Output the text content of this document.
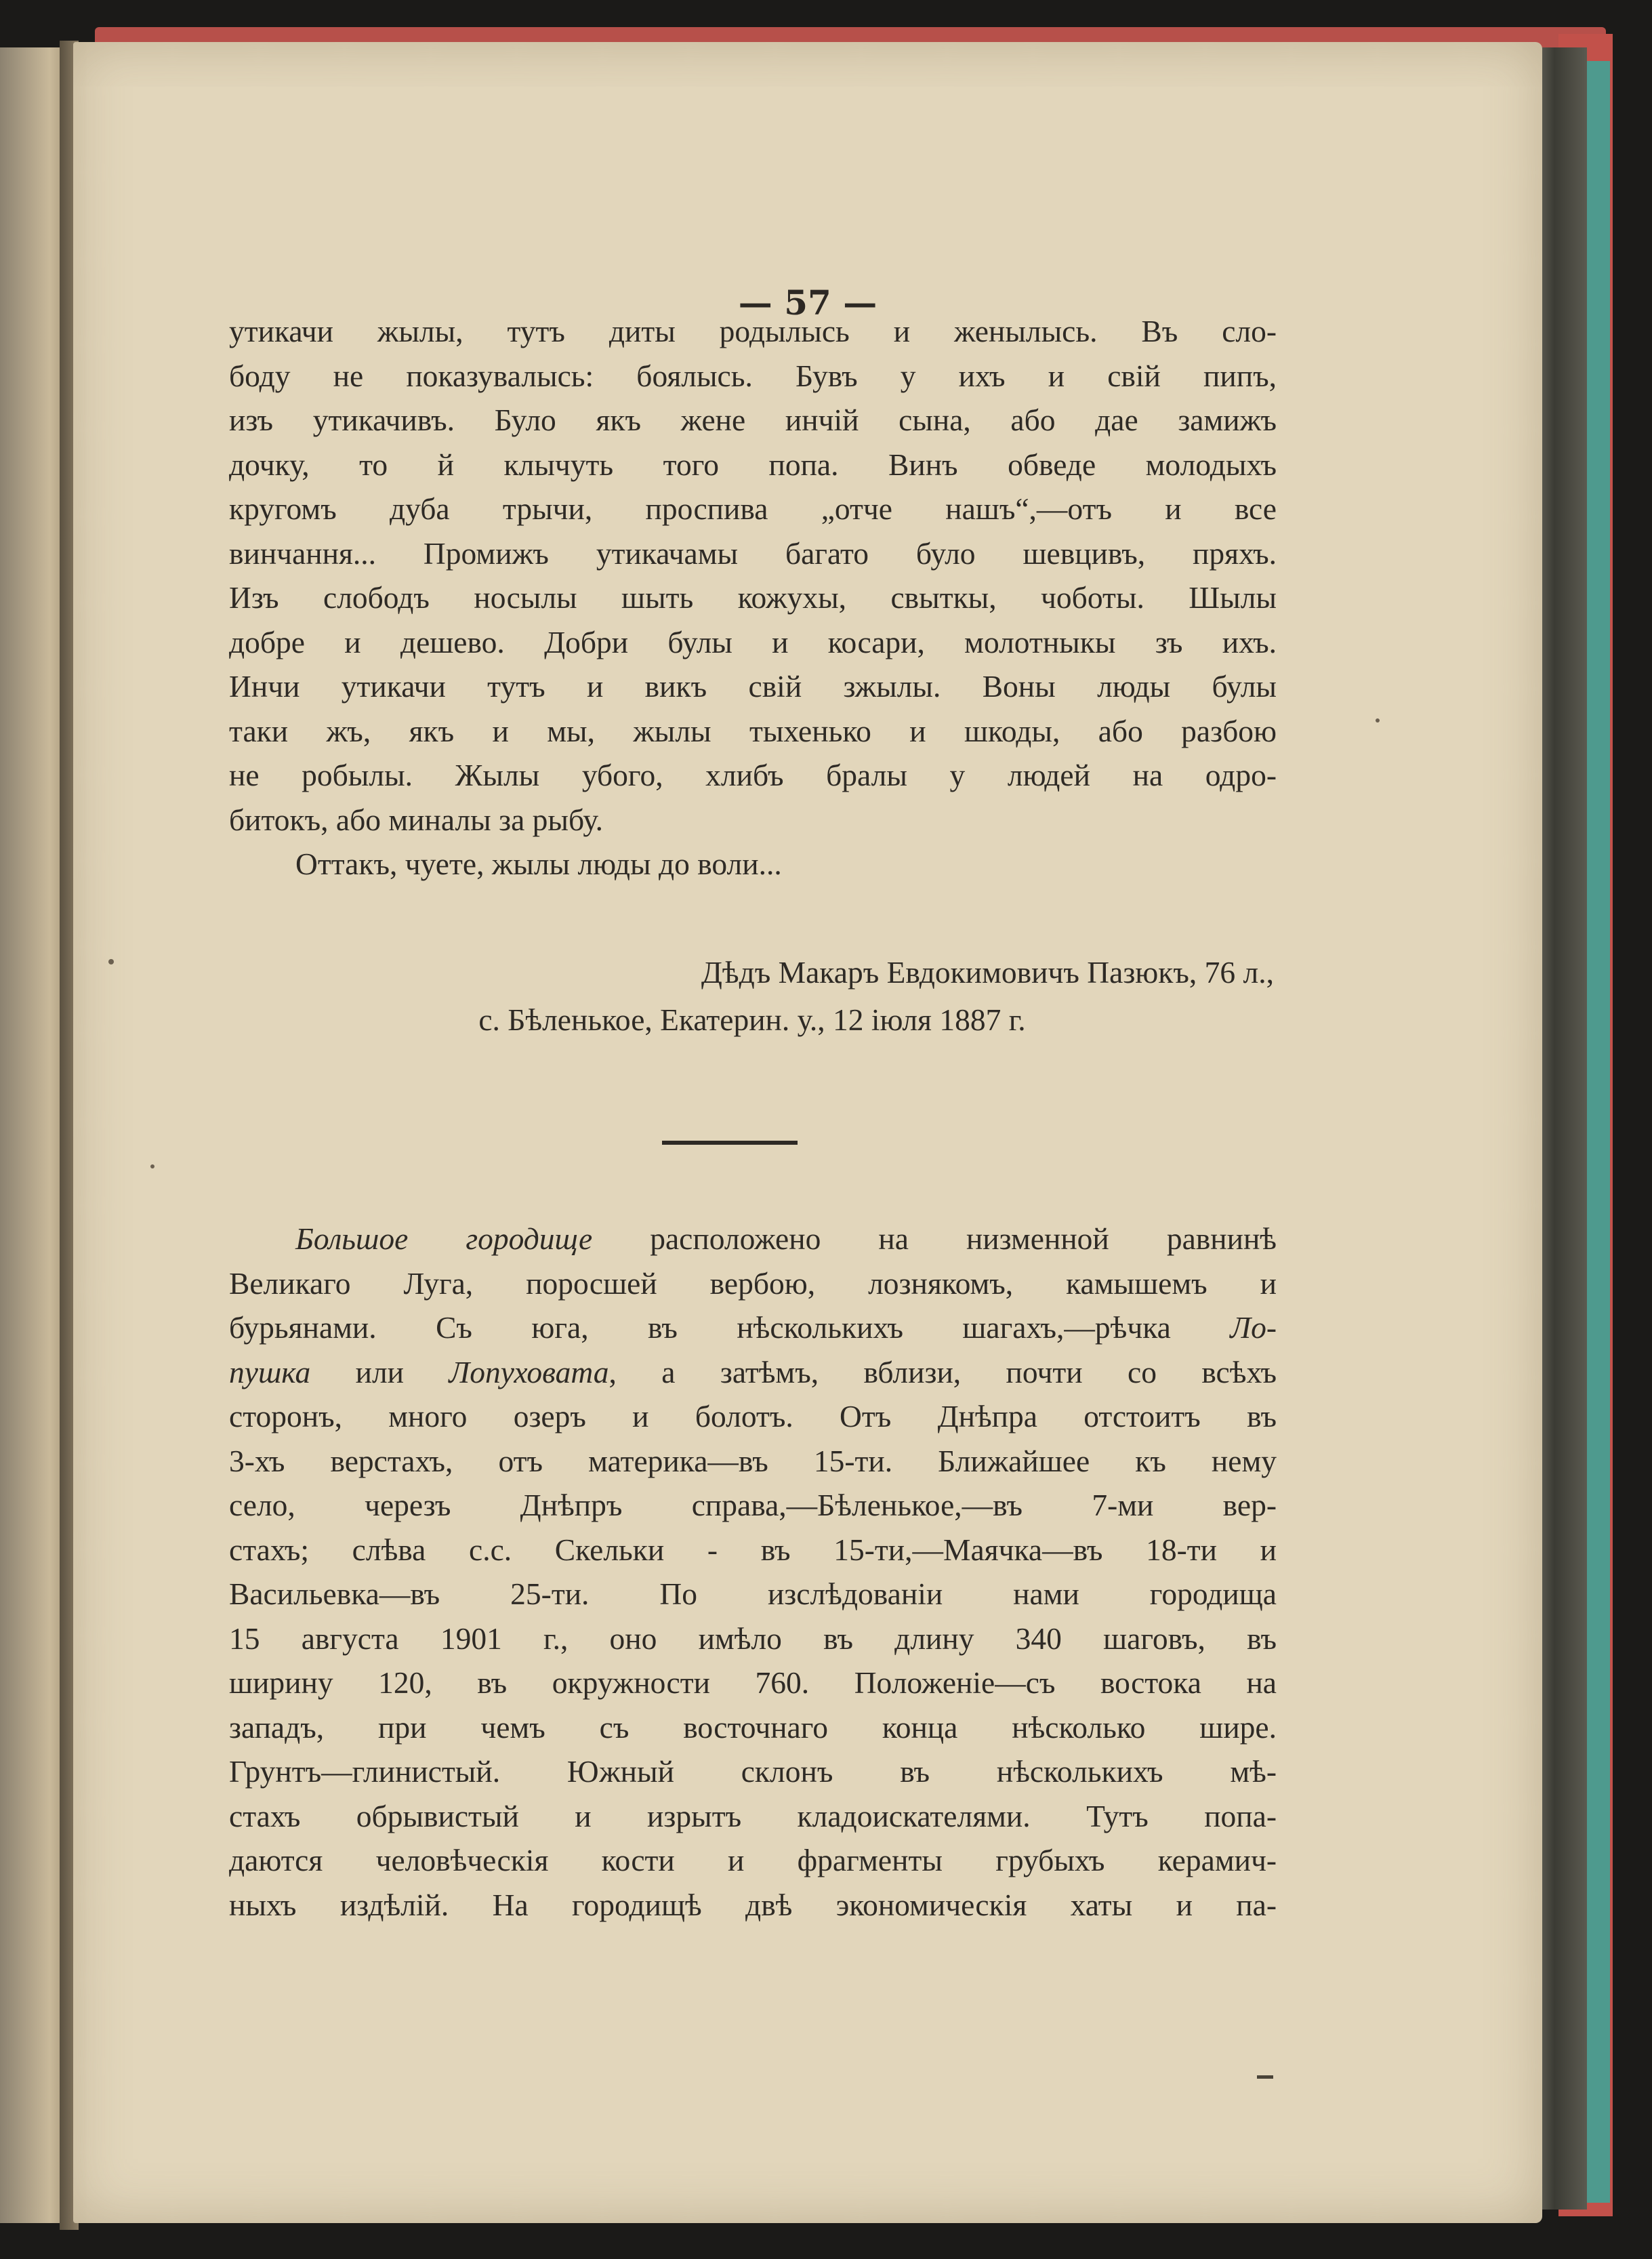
— 57 —
утикачи жылы, тутъ диты родылысь и женылысь. Въ сло-
боду не показувалысь: боялысь. Бувъ у ихъ и свій пипъ,
изъ утикачивъ. Було якъ жене инчій сына, або дае замижъ
дочку, то й клычуть того попа. Винъ обведе молодыхъ
кругомъ дуба трычи, проспива „отче нашъ“,—отъ и все
винчання... Промижъ утикачамы багато було шевцивъ, пряхъ.
Изъ слободъ носылы шыть кожухы, свыткы, чоботы. Шылы
добре и дешево. Добри булы и косари, молотныкы зъ ихъ.
Инчи утикачи тутъ и викъ свій зжылы. Воны люды булы
таки жъ, якъ и мы, жылы тыхенько и шкоды, або разбою
не робылы. Жылы убого, хлибъ бралы у людей на одро-
битокъ, або миналы за рыбу.
Оттакъ, чуете, жылы люды до воли...
Дѣдъ Макаръ Евдокимовичъ Пазюкъ, 76 л.,
с. Бѣленькое, Екатерин. у., 12 іюля 1887 г.
Большое городище расположено на низменной равнинѣ
Великаго Луга, поросшей вербою, лознякомъ, камышемъ и
бурьянами. Съ юга, въ нѣсколькихъ шагахъ,—рѣчка Ло-
пушка или Лопуховата, а затѣмъ, вблизи, почти со всѣхъ
сторонъ, много озеръ и болотъ. Отъ Днѣпра отстоитъ въ
3-хъ верстахъ, отъ материка—въ 15-ти. Ближайшее къ нему
село, черезъ Днѣпръ справа,—Бѣленькое,—въ 7-ми вер-
стахъ; слѣва с.с. Скельки - въ 15-ти,—Маячка—въ 18-ти и
Васильевка—въ 25-ти. По изслѣдованіи нами городища
15 августа 1901 г., оно имѣло въ длину 340 шаговъ, въ
ширину 120, въ окружности 760. Положеніе—съ востока на
западъ, при чемъ съ восточнаго конца нѣсколько шире.
Грунтъ—глинистый. Южный склонъ въ нѣсколькихъ мѣ-
стахъ обрывистый и изрытъ кладоискателями. Тутъ попа-
даются человѣческія кости и фрагменты грубыхъ керамич-
ныхъ издѣлій. На городищѣ двѣ экономическія хаты и па-
